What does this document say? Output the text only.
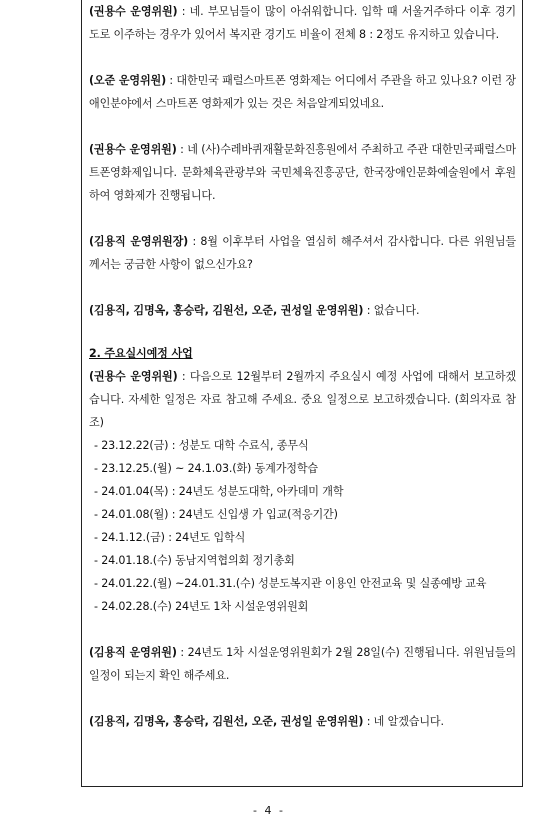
(권용수 운영위원) : 네. 부모님들이 많이 아쉬워합니다. 입학 때 서울거주하다 이후 경기도로 이주하는 경우가 있어서 복지관 경기도 비율이 전체 8 : 2정도 유지하고 있습니다.

(오준 운영위원) : 대한민국 패럴스마트폰 영화제는 어디에서 주관을 하고 있나요? 이런 장애인분야에서 스마트폰 영화제가 있는 것은 처음알게되었네요.

(권용수 운영위원) : 네 (사)수레바퀴재활문화진흥원에서 주최하고 주관 대한민국패럴스마트폰영화제입니다. 문화체육관광부와 국민체육진흥공단, 한국장애인문화예술원에서 후원하여 영화제가 진행됩니다.

(김용직 운영위원장) : 8월 이후부터 사업을 열심히 해주셔서 감사합니다. 다른 위원님들께서는 궁금한 사항이 없으신가요?

(김용직, 김명옥, 홍승락, 김원선, 오준, 권성일 운영위원) : 없습니다.

2. 주요실시예정 사업

(권용수 운영위원) : 다음으로 12월부터 2월까지 주요실시 예정 사업에 대해서 보고하겠습니다. 자세한 일정은 자료 참고해 주세요. 중요 일정으로 보고하겠습니다. (회의자료 참조)

- 23.12.22(금) : 성분도 대학 수료식, 종무식
- 23.12.25.(월) ~ 24.1.03.(화) 동계가정학습
- 24.01.04(목) : 24년도 성분도대학, 아카데미 개학
- 24.01.08(월) : 24년도 신입생 가 입교(적응기간)
- 24.1.12.(금) : 24년도 입학식
- 24.01.18.(수) 동남지역협의회 정기총회
- 24.01.22.(월) ~24.01.31.(수) 성분도복지관 이용인 안전교육 및 실종예방 교육
- 24.02.28.(수) 24년도 1차 시설운영위원회

(김용직 운영위원) : 24년도 1차 시설운영위원회가 2월 28일(수) 진행됩니다. 위원님들의 일정이 되는지 확인 해주세요.

(김용직, 김명옥, 홍승락, 김원선, 오준, 권성일 운영위원) : 네 알겠습니다.

- 4 -
